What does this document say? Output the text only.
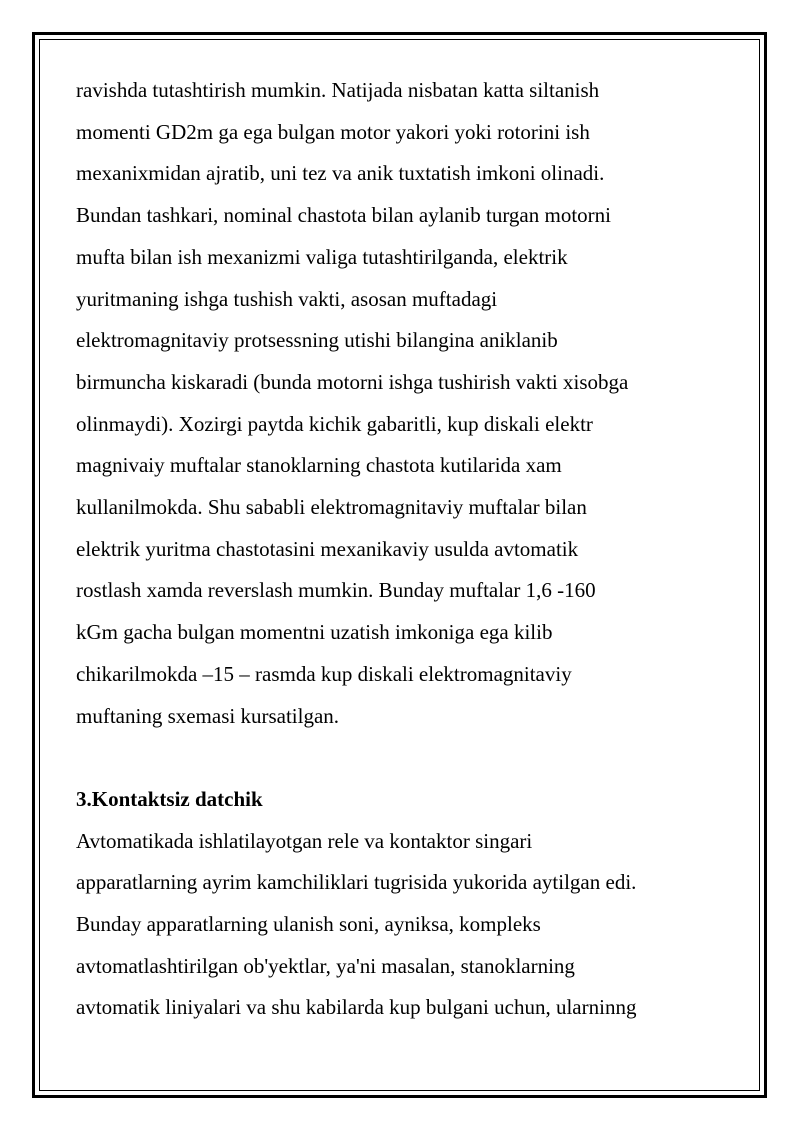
ravishda tutashtirish mumkin. Natijada nisbatan katta siltanish
momenti GD2m ga ega bulgan motor yakori yoki rotorini ish
mexanixmidan ajratib, uni tez va anik tuxtatish imkoni olinadi.
Bundan tashkari, nominal chastota bilan aylanib turgan motorni
mufta bilan ish mexanizmi valiga tutashtirilganda, elektrik
yuritmaning ishga tushish vakti, asosan muftadagi
elektromagnitaviy protsessning utishi bilangina aniklanib
birmuncha kiskaradi (bunda motorni ishga tushirish vakti xisobga
olinmaydi). Xozirgi paytda kichik gabaritli, kup diskali elektr
magnivaiy muftalar stanoklarning chastota kutilarida xam
kullanilmokda. Shu sababli elektromagnitaviy muftalar bilan
elektrik yuritma chastotasini mexanikaviy usulda avtomatik
rostlash xamda reverslash mumkin. Bunday muftalar 1,6 -160
kGm gacha bulgan momentni uzatish imkoniga ega kilib
chikarilmokda –15 – rasmda kup diskali elektromagnitaviy
muftaning sxemasi kursatilgan.
3.Kontaktsiz datchik
Avtomatikada ishlatilayotgan rele va kontaktor singari
apparatlarning ayrim kamchiliklari tugrisida yukorida aytilgan edi.
Bunday apparatlarning ulanish soni, ayniksa, kompleks
avtomatlashtirilgan ob'yektlar, ya'ni masalan, stanoklarning
avtomatik liniyalari va shu kabilarda kup bulgani uchun, ularninng
